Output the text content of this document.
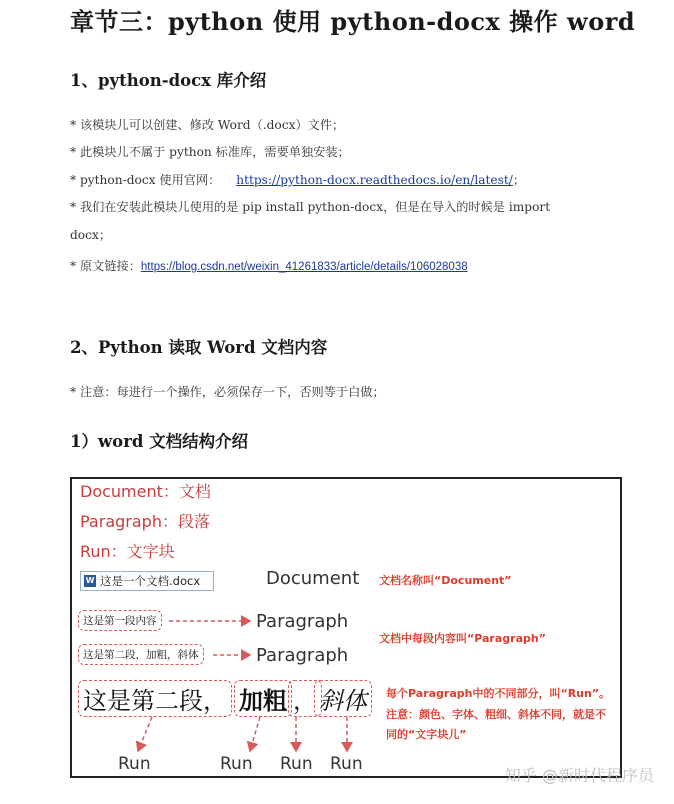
章节三：python 使用 python-docx 操作 word
1、python-docx 库介绍
* 该模块儿可以创建、修改 Word（.docx）文件；
* 此模块儿不属于 python 标准库，需要单独安装；
* python-docx 使用官网： https://python-docx.readthedocs.io/en/latest/；
* 我们在安装此模块儿使用的是 pip install python-docx，但是在导入的时候是 import
docx；
* 原文链接：https://blog.csdn.net/weixin_41261833/article/details/106028038
2、Python 读取 Word 文档内容
* 注意：每进行一个操作，必须保存一下，否则等于白做；
1）word 文档结构介绍
Document：文档
Paragraph：段落
Run：文字块
W 这是一个文档.docx	Document 文档名称叫“Document”
这是第一段内容	Paragraph
文档中每段内容叫“Paragraph”
这是第二段，加粗，斜体	Paragraph
这是第二段， 加粗 ， 斜体	每个Paragraph中的不同部分，叫“Run”。
注意：颜色、字体、粗细、斜体不同，就是不
同的“文字块儿”
Run	Run Run Run
知乎 @新时代程序员
